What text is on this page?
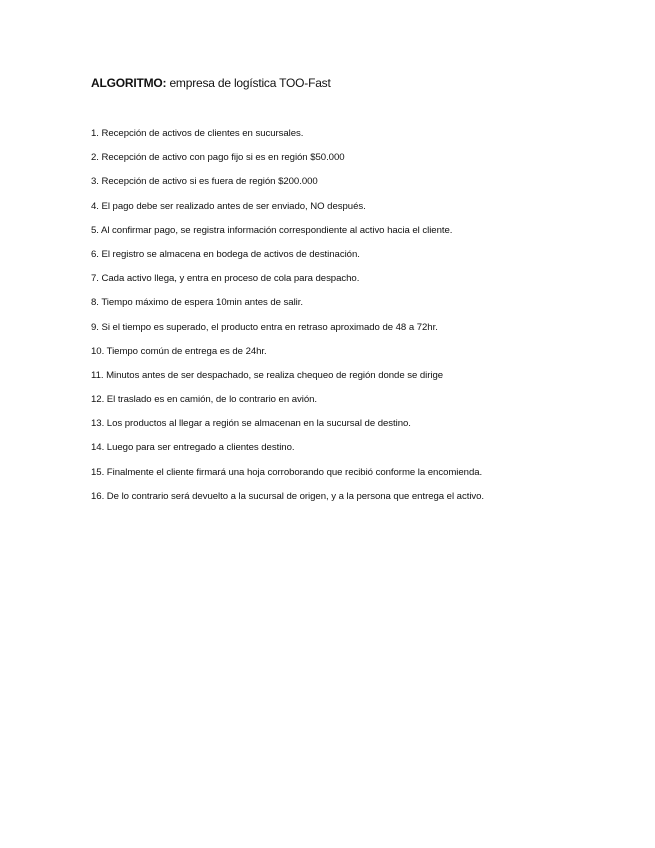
ALGORITMO: empresa de logística TOO-Fast
1. Recepción de activos de clientes en sucursales.
2. Recepción de activo con pago fijo si es en región $50.000
3. Recepción de activo si es fuera de región $200.000
4. El pago debe ser realizado antes de ser enviado, NO después.
5. Al confirmar pago, se registra información correspondiente al activo hacia el cliente.
6. El registro se almacena en bodega de activos de destinación.
7. Cada activo llega, y entra en proceso de cola para despacho.
8. Tiempo máximo de espera 10min antes de salir.
9. Si el tiempo es superado, el producto entra en retraso aproximado de 48 a 72hr.
10. Tiempo común de entrega es de 24hr.
11. Minutos antes de ser despachado, se realiza chequeo de región donde se dirige
12. El traslado es en camión, de lo contrario en avión.
13. Los productos al llegar a región se almacenan en la sucursal de destino.
14. Luego para ser entregado a clientes destino.
15. Finalmente el cliente firmará una hoja corroborando que recibió conforme la encomienda.
16. De lo contrario será devuelto a la sucursal de origen, y a la persona que entrega el activo.
